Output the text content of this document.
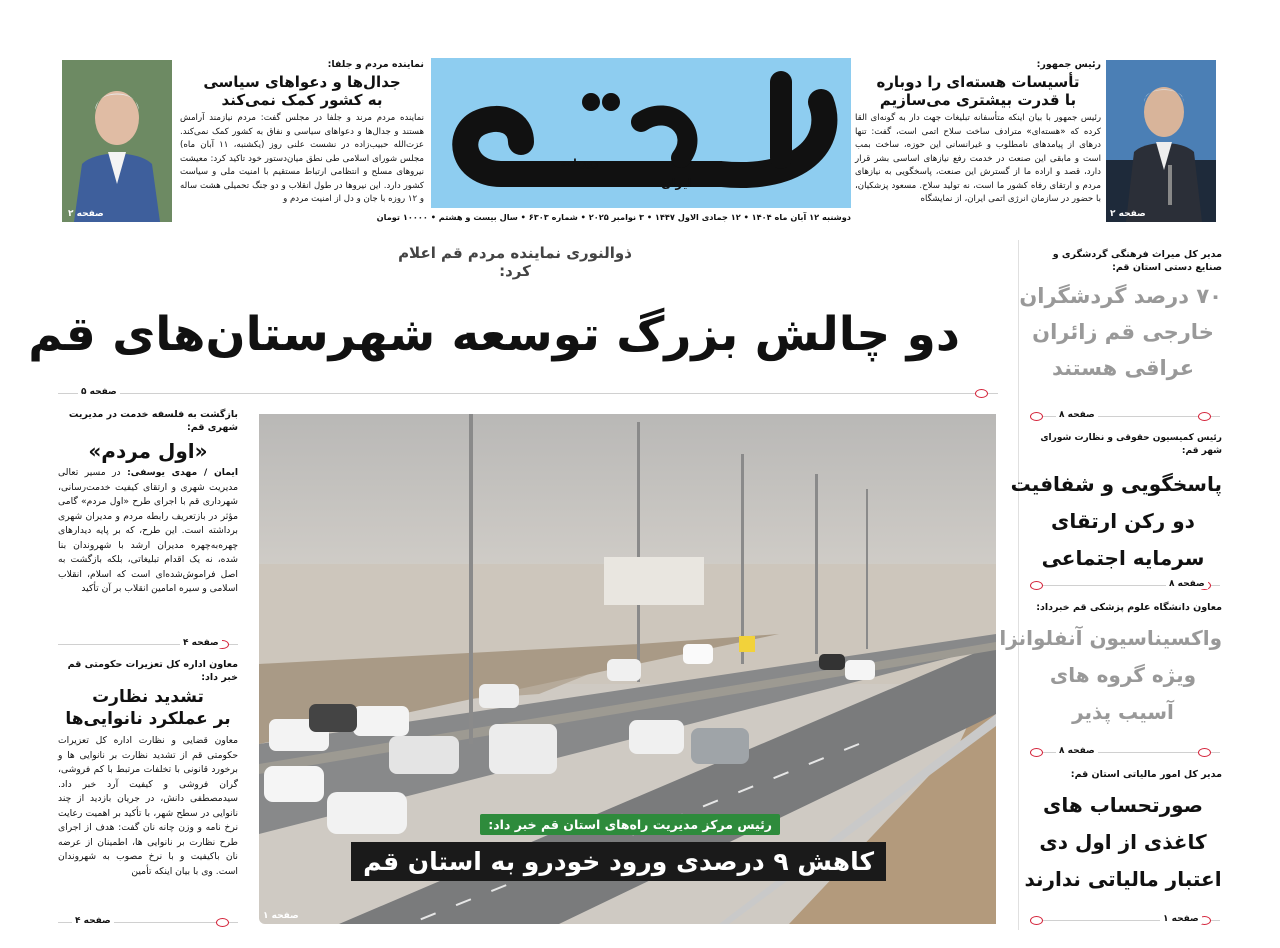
روزنامه
ایران
دوشنبه ۱۲ آبان ماه ۱۴۰۴ • ۱۲ جمادی الاول ۱۴۴۷ • ۳ نوامبر ۲۰۲۵ • شماره ۶۳۰۳ • سال بیست و هشتم • ۱۰۰۰۰ تومان	صفحه ۲
رئیس جمهور:
تأسیسات هسته‌ای را دوباره
با قدرت بیشتری می‌سازیم
رئیس جمهور با بیان اینکه متأسفانه تبلیغات جهت دار به گونه‌ای القا کرده که «هسته‌ای» مترادف ساخت سلاح اتمی است، گفت: تنها درهای از پیامدهای نامطلوب و غیرانسانی این حوزه، ساخت بمب است و مابقی این صنعت در خدمت رفع نیازهای اساسی بشر قرار دارد، قصد و اراده ما از گسترش این صنعت، پاسخگویی به نیازهای مردم و ارتقای رفاه کشور ما است، نه تولید سلاح. مسعود پزشکیان، با حضور در سازمان انرژی اتمی ایران، از نمایشگاه
نماینده مردم و جلفا:
جدال‌ها و دعواهای سیاسی
به کشور کمک نمی‌کند
نماینده مردم مرند و جلفا در مجلس گفت: مردم نیازمند آرامش هستند و جدال‌ها و دعواهای سیاسی و نفاق به کشور کمک نمی‌کند. عزت‌الله حبیب‌زاده در نشست علنی روز (یکشنبه، ۱۱ آبان ماه) مجلس شورای اسلامی طی نطق میان‌دستور خود تاکید کرد: معیشت نیروهای مسلح و انتظامی ارتباط مستقیم با امنیت ملی و سیاست کشور دارد. این نیروها در طول انقلاب و دو جنگ تحمیلی هشت ساله و ۱۲ روزه با جان و دل از امنیت مردم و
صفحه ۲
ذوالنوری نماینده مردم قم اعلام کرد:
دو چالش بزرگ توسعه شهرستان‌های قم
صفحه ۵
رئیس مرکز مدیریت راه‌های استان قم خبر داد:
کاهش ۹ درصدی ورود خودرو به استان قم
صفحه ۱
بازگشت به فلسفه خدمت در مدیریت شهری قم:
«اول مردم»
ایمان / مهدی یوسفی: در مسیر تعالی مدیریت شهری و ارتقای کیفیت خدمت‌رسانی، شهرداری قم با اجرای طرح «اول مردم» گامی مؤثر در بازتعریف رابطه مردم و مدیران شهری برداشته است. این طرح، که بر پایه دیدارهای چهره‌به‌چهره مدیران ارشد با شهروندان بنا شده، نه یک اقدام تبلیغاتی، بلکه بازگشت به اصل فراموش‌شده‌ای است که اسلام، انقلاب اسلامی و سیره امامین انقلاب بر آن تأکید
صفحه ۴
معاون اداره کل تعزیرات حکومتی قم خبر داد:
تشدید نظارت
بر عملکرد نانوایی‌ها
معاون قضایی و نظارت اداره کل تعزیرات حکومتی قم از تشدید نظارت بر نانوایی ها و برخورد قانونی با تخلفات مرتبط با کم فروشی، گران فروشی و کیفیت آرد خبر داد. سیدمصطفی دانش، در جریان بازدید از چند نانوایی در سطح شهر، با تأکید بر اهمیت رعایت نرخ نامه و وزن چانه نان گفت: هدف از اجرای طرح نظارت بر نانوایی ها، اطمینان از عرضه نان باکیفیت و با نرخ مصوب به شهروندان است. وی با بیان اینکه تأمین
صفحه ۴
مدیر کل میراث فرهنگی گردشگری و صنایع دستی استان قم:
۷۰ درصد گردشگران
خارجی قم زائران
عراقی هستند
صفحه ۸
رئیس کمیسیون حقوقی و نظارت شورای شهر قم:
پاسخگویی و شفافیت
دو رکن ارتقای
سرمایه اجتماعی
صفحه ۸
معاون دانشگاه علوم پزشکی قم خبرداد:
واکسیناسیون آنفلوانزا
ویژه گروه های
آسیب پذیر
صفحه ۸
مدیر کل امور مالیاتی استان قم:
صورتحساب های
کاغذی از اول دی
اعتبار مالیاتی ندارند
صفحه ۱
